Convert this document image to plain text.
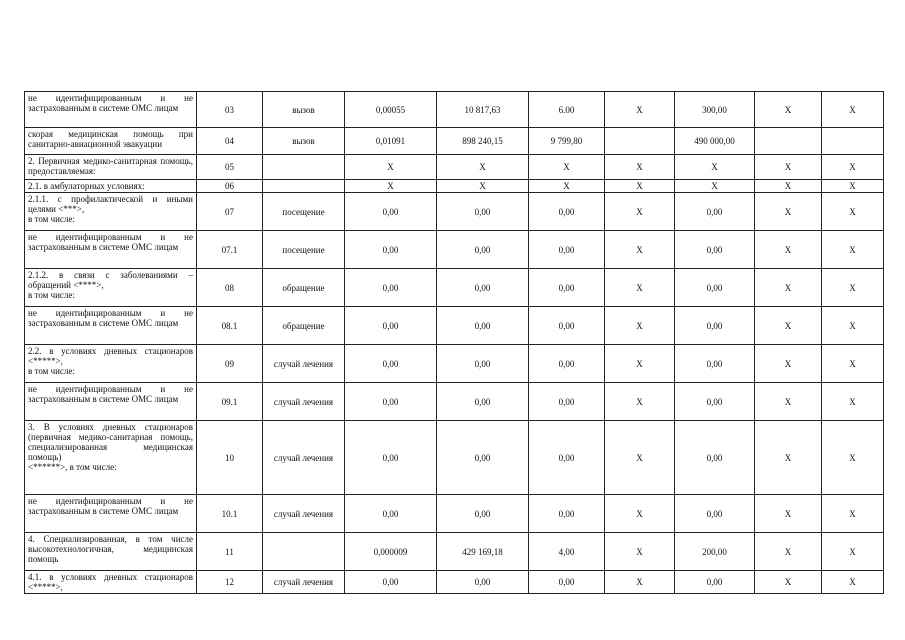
не идентифицированным и не застрахованным в системе ОМС лицам	03	вызов	0,00055	10 817,63	6.00	X	300,00	X	X

скорая медицинская помощь при санитарно-авиационной эвакуации	04	вызов	0,01091	898 240,15	9 799,80		490 000,00		

2. Первичная медико-санитарная помощь, предоставляемая:	05		X	X	X	X	X	X	X

2.1. в амбулаторных условиях:	06		X	X	X	X	X	X	X

2.1.1. с профилактической и иными целями <***>,
в том числе:	07	посещение	0,00	0,00	0,00	X	0,00	X	X

не идентифицированным и не застрахованным в системе ОМС лицам	07.1	посещение	0,00	0,00	0,00	X	0,00	X	X

2.1.2. в связи с заболеваниями – обращений <****>,
в том числе:	08	обращение	0,00	0,00	0,00	X	0,00	X	X

не идентифицированным и не застрахованным в системе ОМС лицам	08.1	обращение	0,00	0,00	0,00	X	0,00	X	X

2.2. в условиях дневных стационаров <*****>,
в том числе:	09	случай лечения	0,00	0,00	0,00	X	0,00	X	X

не идентифицированным и не застрахованным в системе ОМС лицам	09.1	случай лечения	0,00	0,00	0,00	X	0,00	X	X

3. В условиях дневных стационаров (первичная медико-санитарная помощь, специализированная медицинская помощь)
<******>, в том числе:	10	случай лечения	0,00	0,00	0,00	X	0,00	X	X

не идентифицированным и не застрахованным в системе ОМС лицам	10.1	случай лечения	0,00	0,00	0,00	X	0,00	X	X

4. Специализированная, в том числе высокотехнологичная, медицинская помощь	11		0,000009	429 169,18	4,00	X	200,00	X	X

4.1. в условиях дневных стационаров <*****>,	12	случай лечения	0,00	0,00	0,00	X	0,00	X	X
